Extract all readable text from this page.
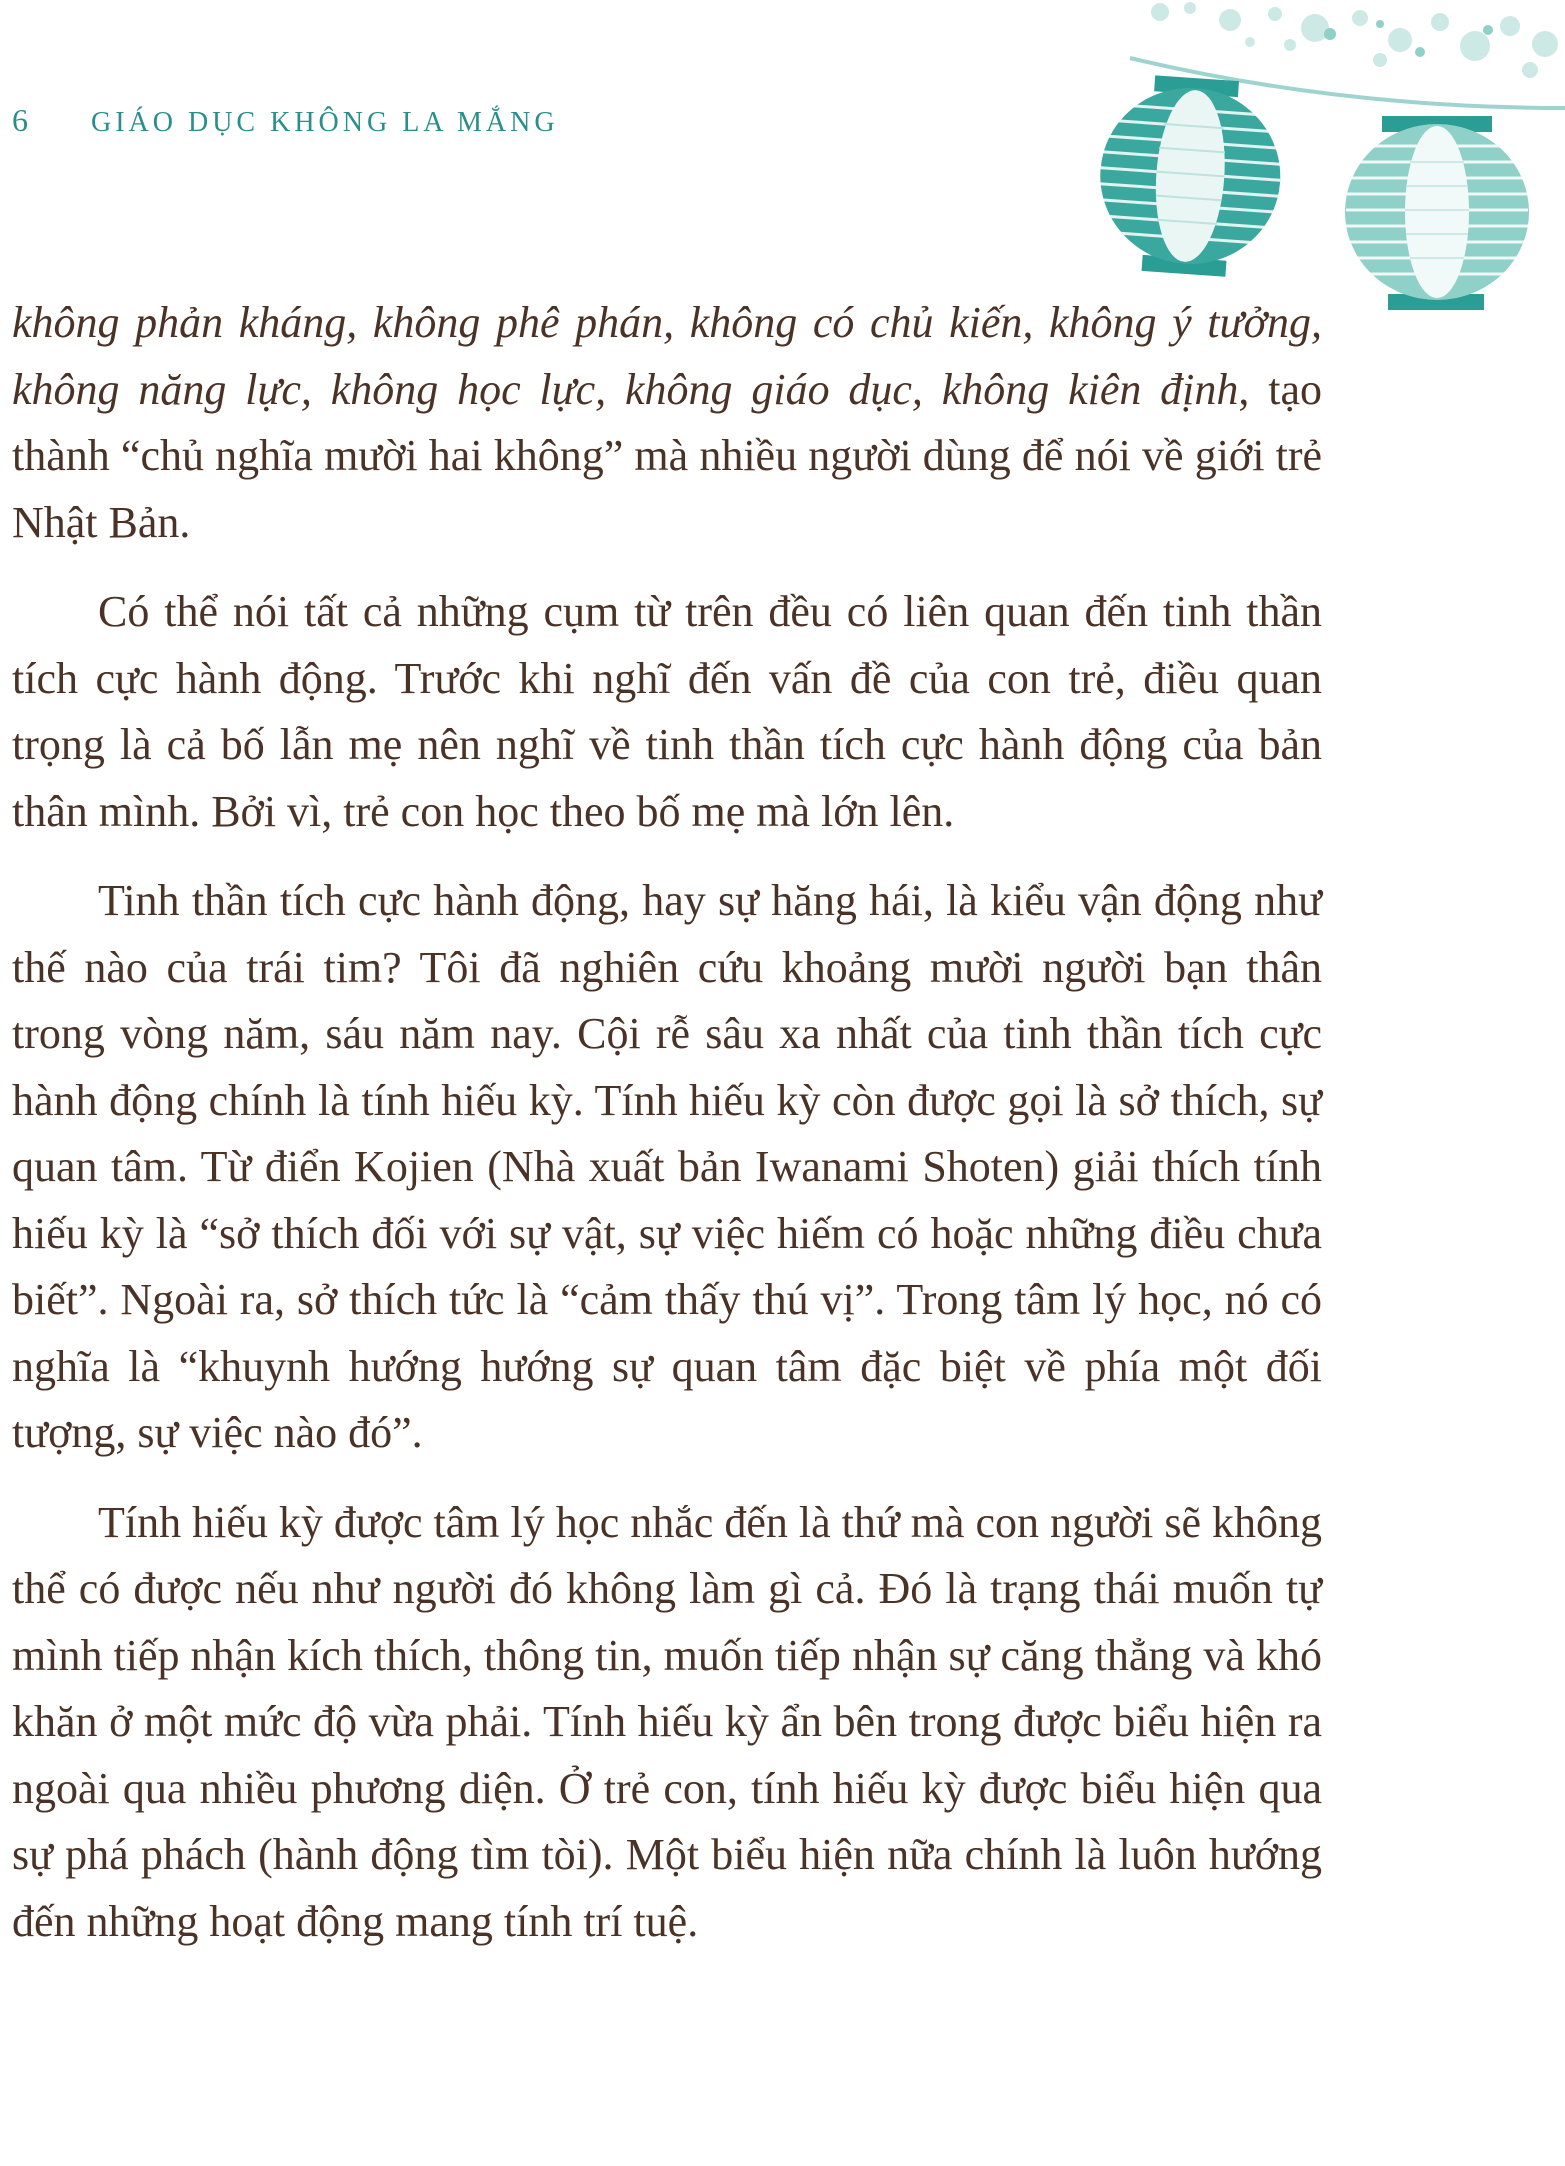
6 GIÁO DỤC KHÔNG LA MẮNG

không phản kháng, không phê phán, không có chủ kiến, không ý tưởng, không năng lực, không học lực, không giáo dục, không kiên định, tạo thành “chủ nghĩa mười hai không” mà nhiều người dùng để nói về giới trẻ Nhật Bản.

Có thể nói tất cả những cụm từ trên đều có liên quan đến tinh thần tích cực hành động. Trước khi nghĩ đến vấn đề của con trẻ, điều quan trọng là cả bố lẫn mẹ nên nghĩ về tinh thần tích cực hành động của bản thân mình. Bởi vì, trẻ con học theo bố mẹ mà lớn lên.

Tinh thần tích cực hành động, hay sự hăng hái, là kiểu vận động như thế nào của trái tim? Tôi đã nghiên cứu khoảng mười người bạn thân trong vòng năm, sáu năm nay. Cội rễ sâu xa nhất của tinh thần tích cực hành động chính là tính hiếu kỳ. Tính hiếu kỳ còn được gọi là sở thích, sự quan tâm. Từ điển Kojien (Nhà xuất bản Iwanami Shoten) giải thích tính hiếu kỳ là “sở thích đối với sự vật, sự việc hiếm có hoặc những điều chưa biết”. Ngoài ra, sở thích tức là “cảm thấy thú vị”. Trong tâm lý học, nó có nghĩa là “khuynh hướng hướng sự quan tâm đặc biệt về phía một đối tượng, sự việc nào đó”.

Tính hiếu kỳ được tâm lý học nhắc đến là thứ mà con người sẽ không thể có được nếu như người đó không làm gì cả. Đó là trạng thái muốn tự mình tiếp nhận kích thích, thông tin, muốn tiếp nhận sự căng thẳng và khó khăn ở một mức độ vừa phải. Tính hiếu kỳ ẩn bên trong được biểu hiện ra ngoài qua nhiều phương diện. Ở trẻ con, tính hiếu kỳ được biểu hiện qua sự phá phách (hành động tìm tòi). Một biểu hiện nữa chính là luôn hướng đến những hoạt động mang tính trí tuệ.
